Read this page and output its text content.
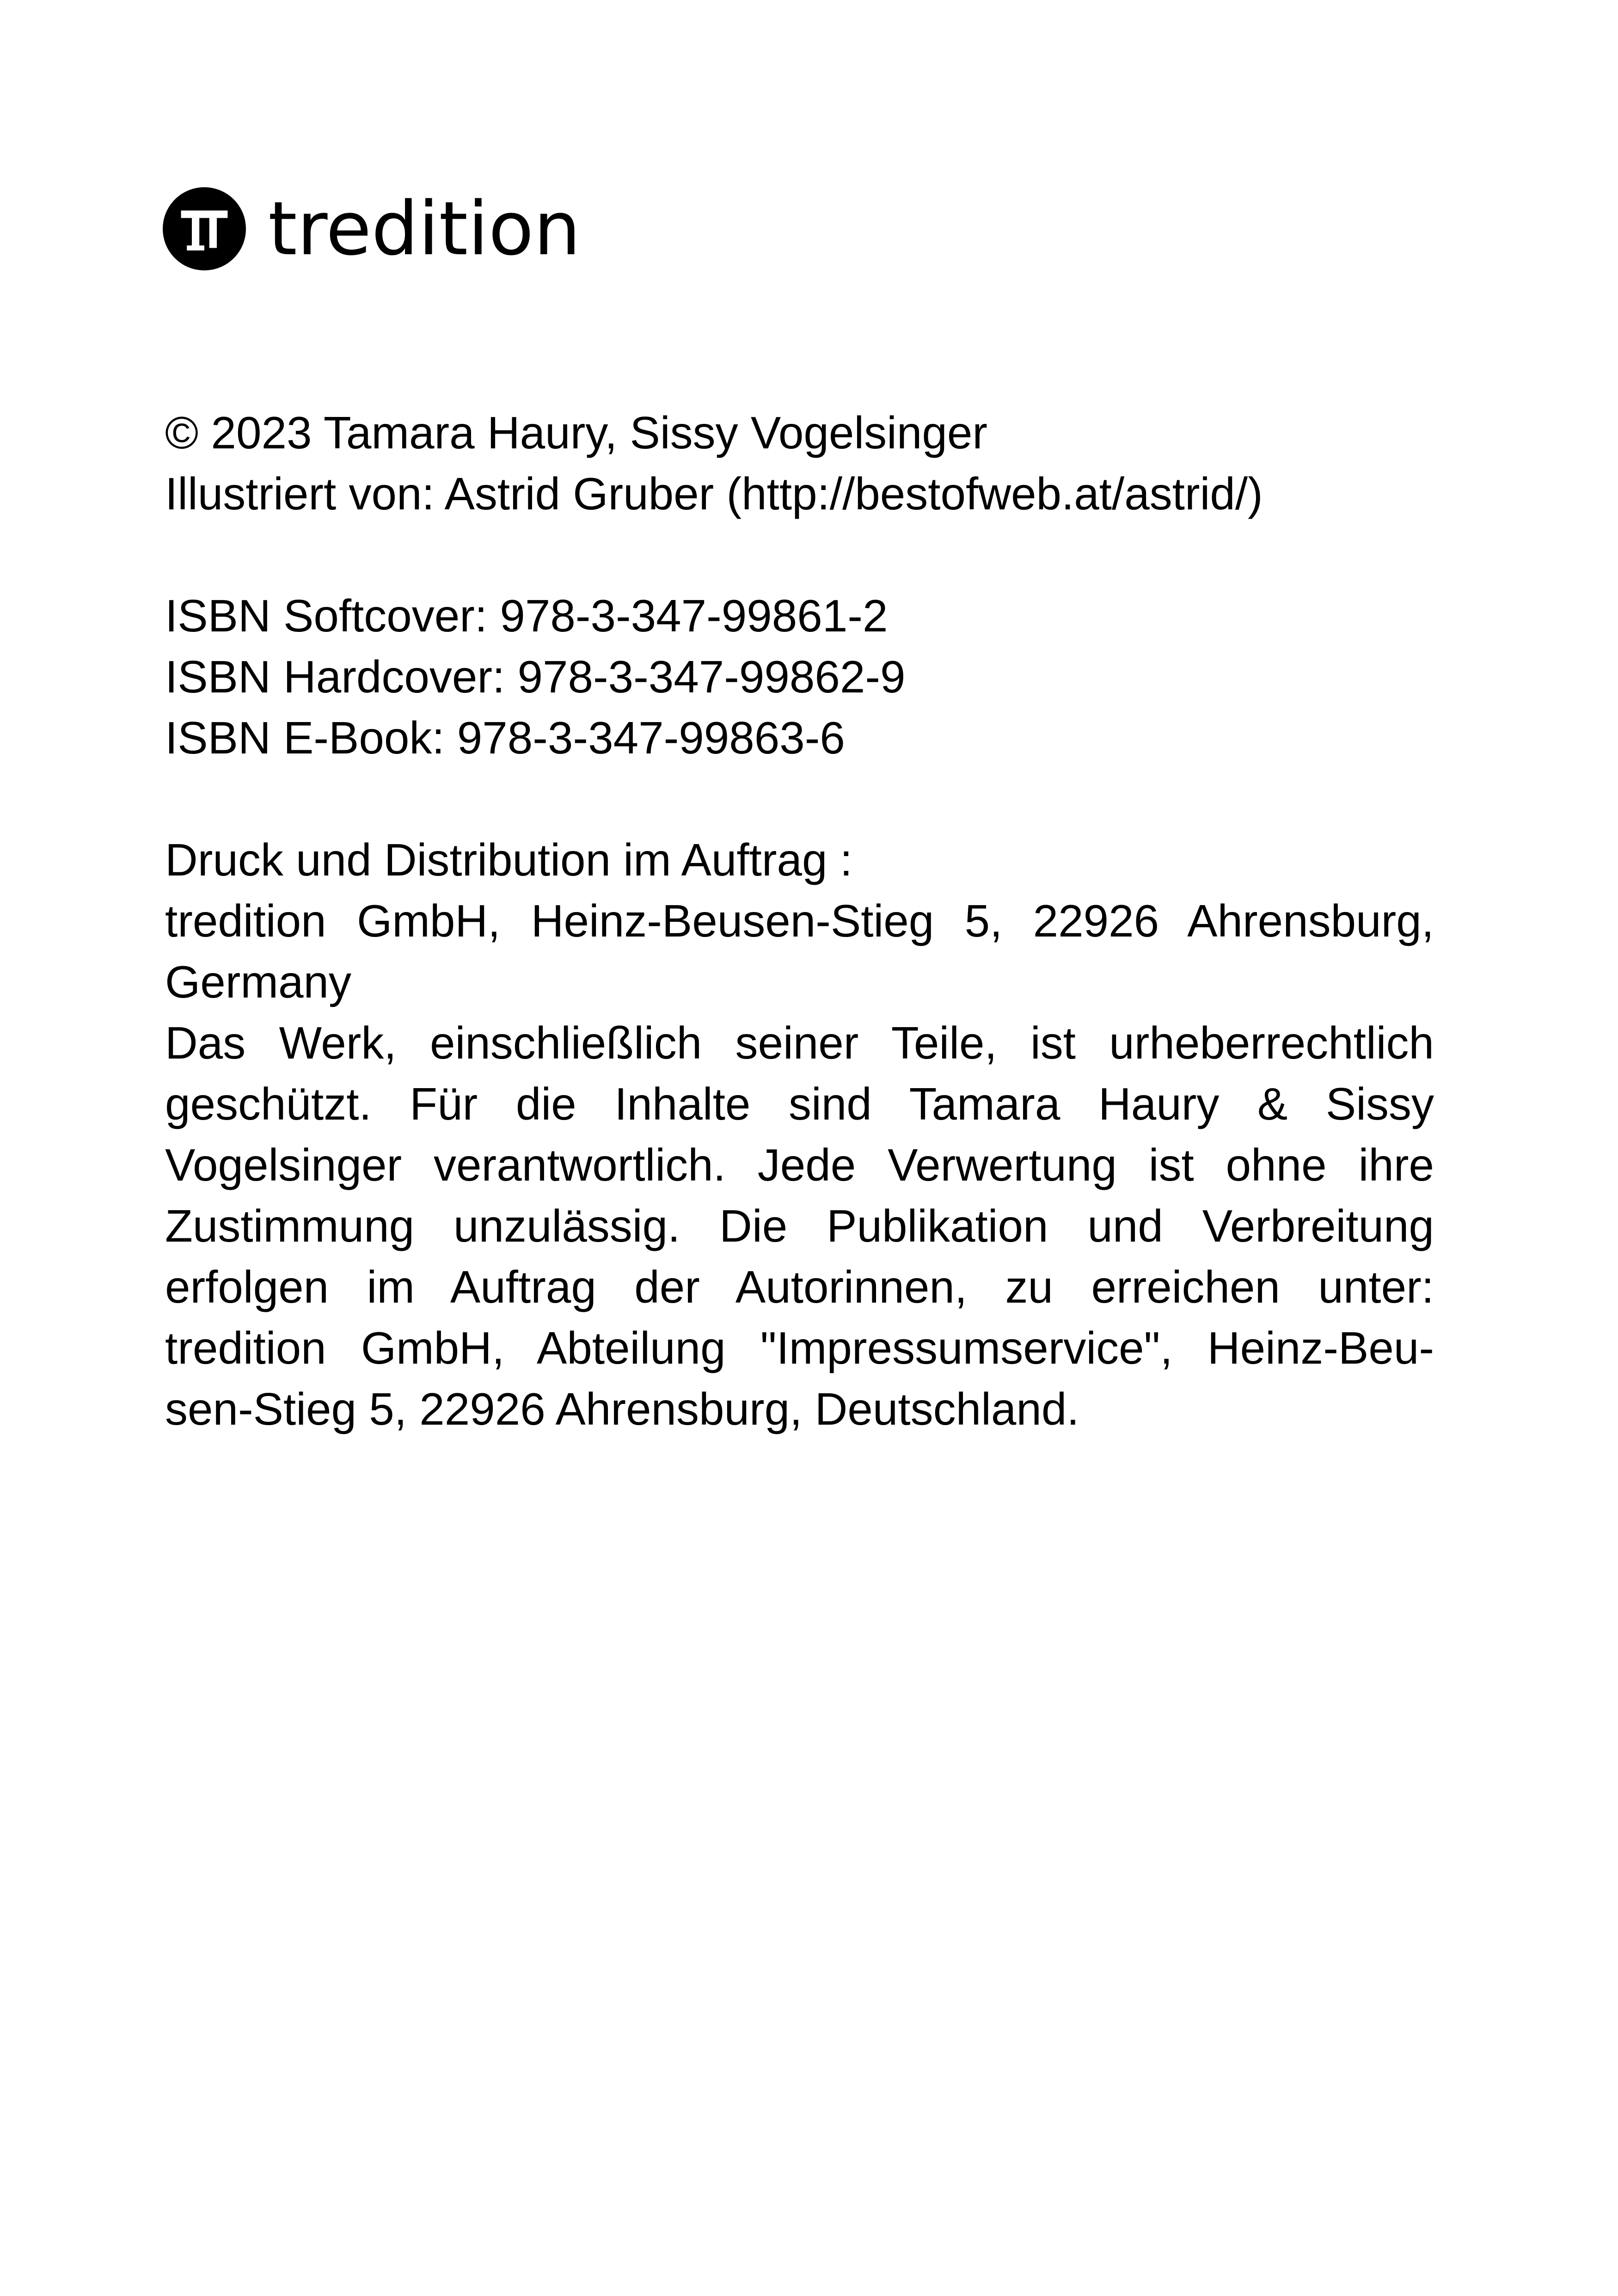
tredition
© 2023 Tamara Haury, Sissy Vogelsinger
Illustriert von: Astrid Gruber (http://bestofweb.at/astrid/)
ISBN Softcover: 978-3-347-99861-2
ISBN Hardcover: 978-3-347-99862-9
ISBN E-Book: 978-3-347-99863-6
Druck und Distribution im Auftrag :
tredition GmbH, Heinz-Beusen-Stieg 5, 22926 Ahrensburg,
Germany
Das Werk, einschließlich seiner Teile, ist urheberrechtlich
geschützt. Für die Inhalte sind Tamara Haury & Sissy
Vogelsinger verantwortlich. Jede Verwertung ist ohne ihre
Zustimmung unzulässig. Die Publikation und Verbreitung
erfolgen im Auftrag der Autorinnen, zu erreichen unter:
tredition GmbH, Abteilung "Impressumservice", Heinz-Beu-
sen-Stieg 5, 22926 Ahrensburg, Deutschland.
